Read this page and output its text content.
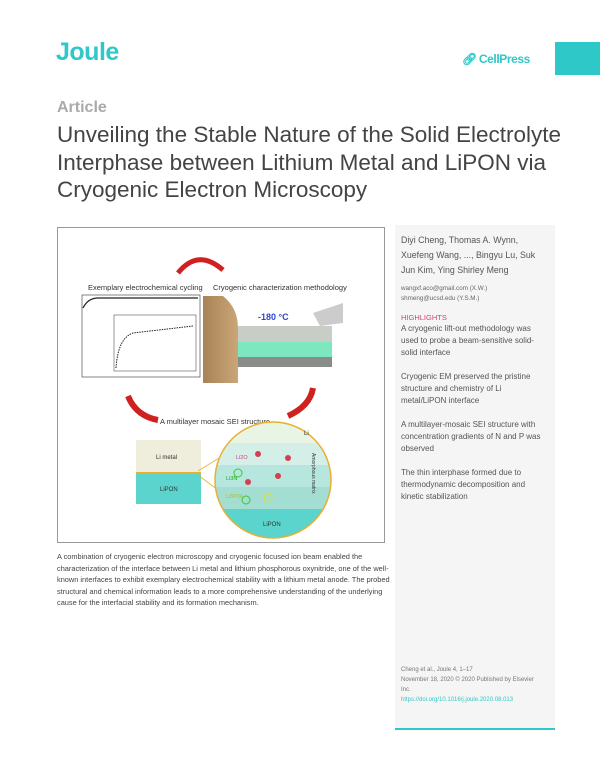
Joule	🔗︎ CellPress
Article
Unveiling the Stable Nature of the Solid Electrolyte Interphase between Lithium Metal and LiPON via Cryogenic Electron Microscopy
Exemplary electrochemical cycling Cryogenic characterization methodology
-180 °C
A multilayer mosaic SEI structure
Li metal
LiPON
Li
Li2O
Li3N
Li3PO4
Amorphous matrix
LiPON
A combination of cryogenic electron microscopy and cryogenic focused ion beam enabled the characterization of the interface between Li metal and lithium phosphorous oxynitride, one of the well-known interfaces to exhibit exemplary electrochemical stability with a lithium metal anode. The probed structural and chemical information leads to a more comprehensive understanding of the underlying cause for the interfacial stability and its formation mechanism.
Diyi Cheng, Thomas A. Wynn, Xuefeng Wang, ..., Bingyu Lu, Suk Jun Kim, Ying Shirley Meng
wangxf.aco@gmail.com (X.W.)
shmeng@ucsd.edu (Y.S.M.)
HIGHLIGHTS
A cryogenic lift-out methodology was used to probe a beam-sensitive solid-solid interface
Cryogenic EM preserved the pristine structure and chemistry of Li metal/LiPON interface
A multilayer-mosaic SEI structure with concentration gradients of N and P was observed
The thin interphase formed due to thermodynamic decomposition and kinetic stabilization
Cheng et al., Joule 4, 1–17
November 18, 2020 © 2020 Published by Elsevier Inc.
https://doi.org/10.1016/j.joule.2020.08.013
